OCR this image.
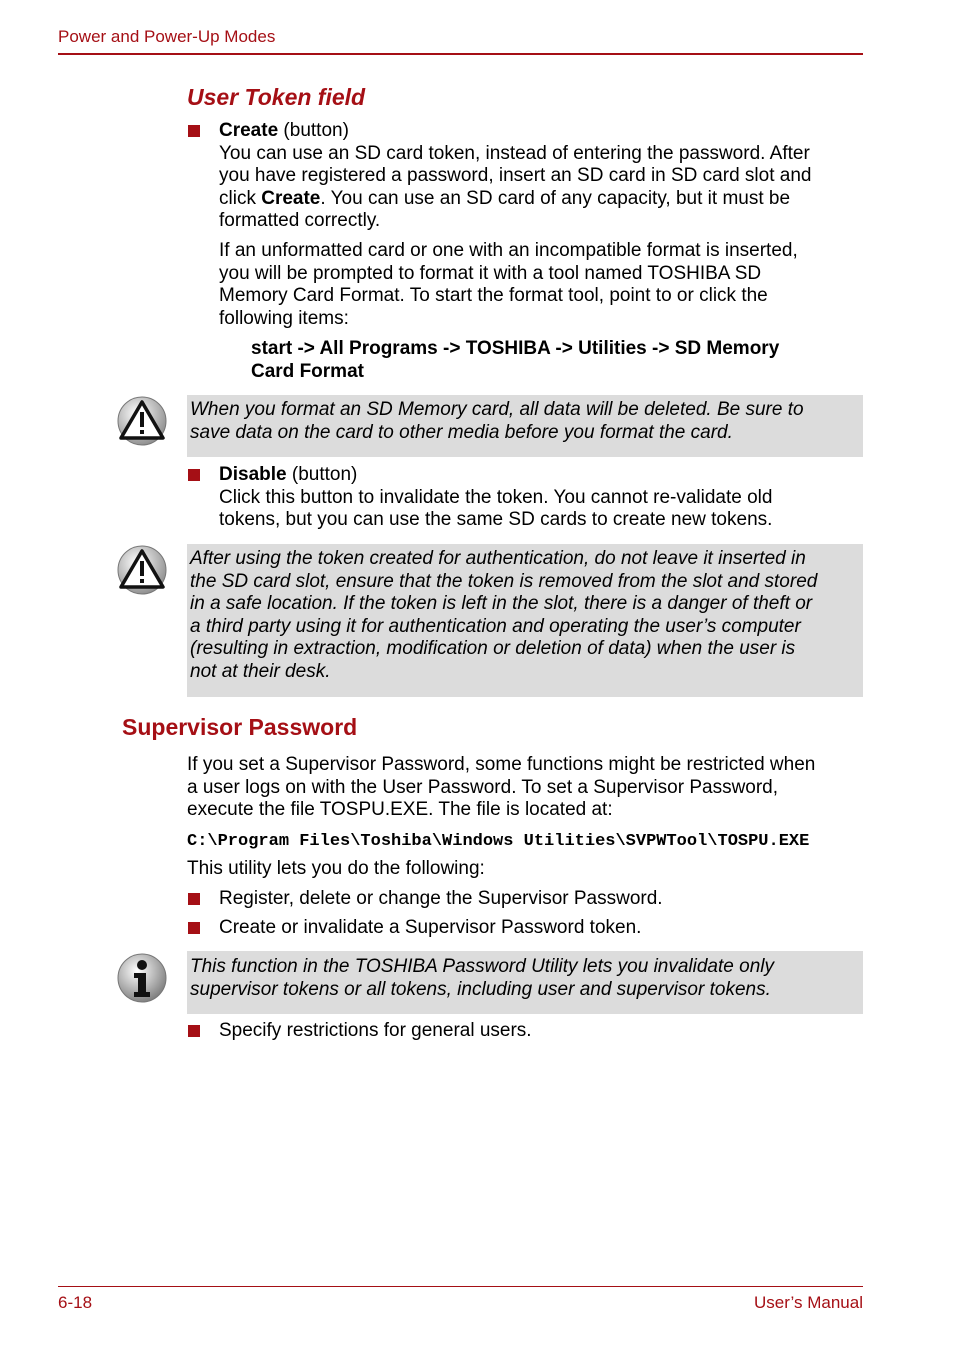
Power and Power-Up Modes
User Token field
Create (button)
You can use an SD card token, instead of entering the password. After
you have registered a password, insert an SD card in SD card slot and
click Create. You can use an SD card of any capacity, but it must be
formatted correctly.
If an unformatted card or one with an incompatible format is inserted,
you will be prompted to format it with a tool named TOSHIBA SD
Memory Card Format. To start the format tool, point to or click the
following items:
start -> All Programs -> TOSHIBA -> Utilities -> SD Memory
Card Format
When you format an SD Memory card, all data will be deleted. Be sure to
save data on the card to other media before you format the card.
Disable (button)
Click this button to invalidate the token. You cannot re-validate old
tokens, but you can use the same SD cards to create new tokens.
After using the token created for authentication, do not leave it inserted in
the SD card slot, ensure that the token is removed from the slot and stored
in a safe location. If the token is left in the slot, there is a danger of theft or
a third party using it for authentication and operating the user’s computer
(resulting in extraction, modification or deletion of data) when the user is
not at their desk.
Supervisor Password
If you set a Supervisor Password, some functions might be restricted when
a user logs on with the User Password. To set a Supervisor Password,
execute the file TOSPU.EXE. The file is located at:
C:\Program Files\Toshiba\Windows Utilities\SVPWTool\TOSPU.EXE
This utility lets you do the following:
Register, delete or change the Supervisor Password.
Create or invalidate a Supervisor Password token.
This function in the TOSHIBA Password Utility lets you invalidate only
supervisor tokens or all tokens, including user and supervisor tokens.
Specify restrictions for general users.
6-18	User’s Manual
